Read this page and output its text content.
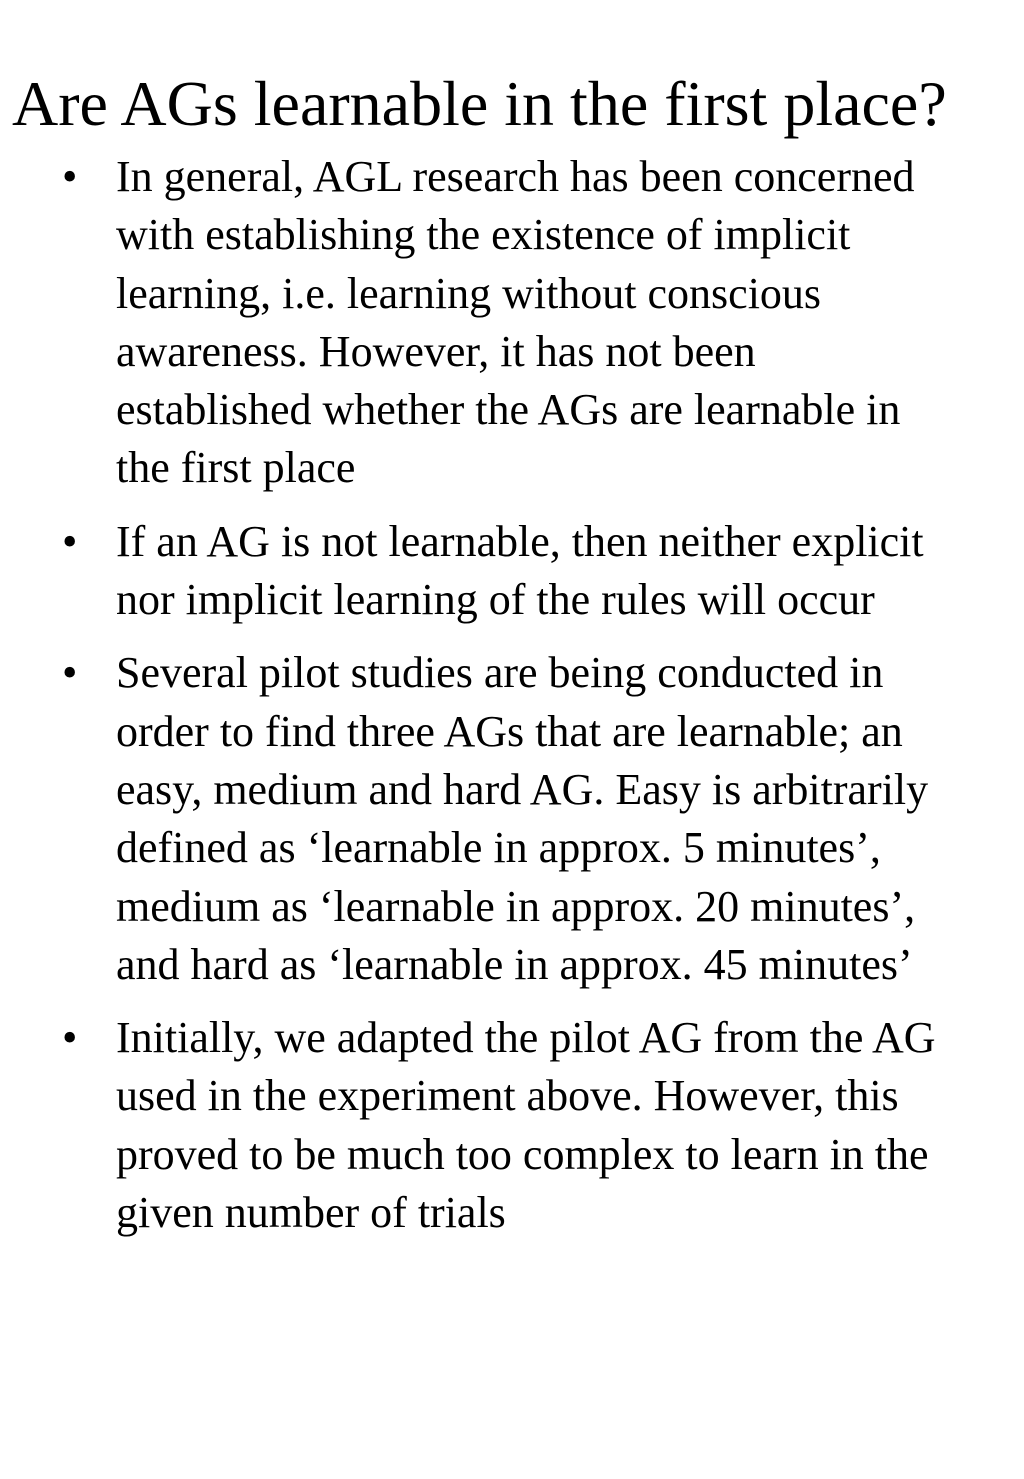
Are AGs learnable in the first place?
• In general, AGL research has been concerned with establishing the existence of implicit learning, i.e. learning without conscious awareness. However, it has not been established whether the AGs are learnable in the first place
• If an AG is not learnable, then neither explicit nor implicit learning of the rules will occur
• Several pilot studies are being conducted in order to find three AGs that are learnable; an easy, medium and hard AG. Easy is arbitrarily defined as ‘learnable in approx. 5 minutes’, medium as ‘learnable in approx. 20 minutes’, and hard as ‘learnable in approx. 45 minutes’
• Initially, we adapted the pilot AG from the AG used in the experiment above. However, this proved to be much too complex to learn in the given number of trials
